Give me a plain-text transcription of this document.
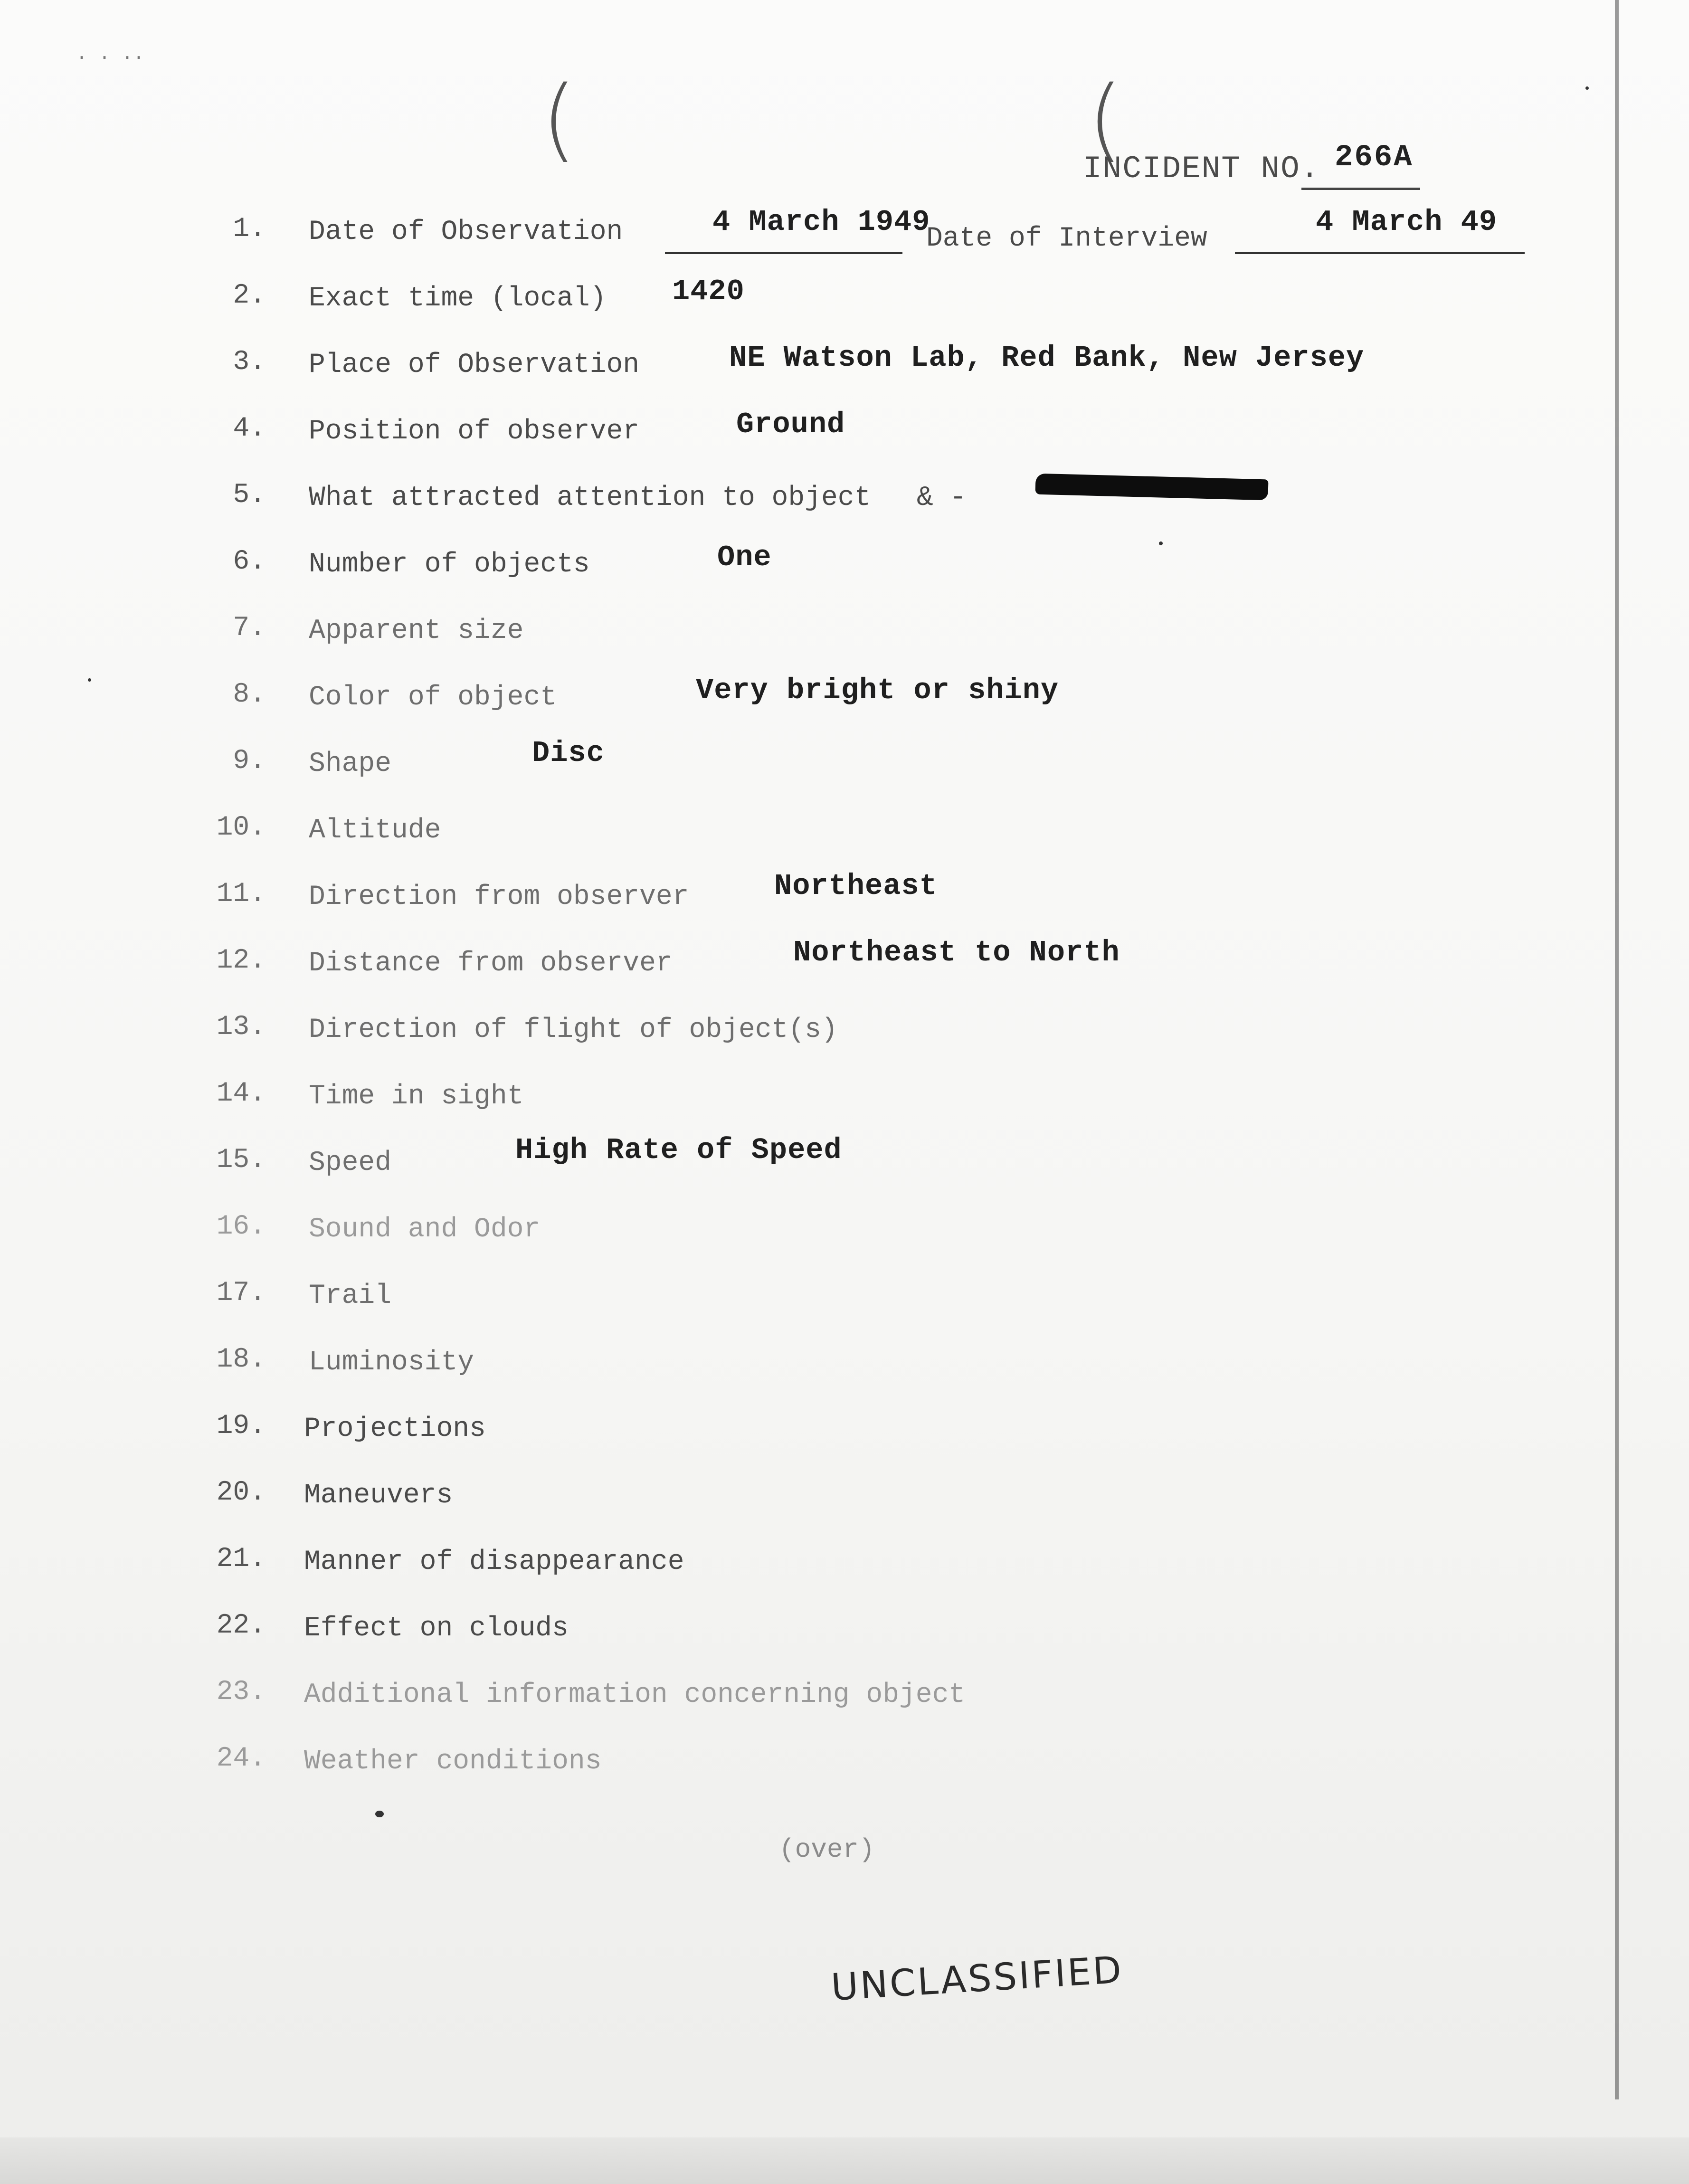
(	(
· · ··
INCIDENT NO. 266A
1. Date of Observation	4 March 1949
Date of Interview	4 March 49
2. Exact time (local) 1420
3. Place of Observation	NE Watson Lab, Red Bank, New Jersey
4. Position of observer	Ground
5. What attracted attention to object & -
6. Number of objects	One
7. Apparent size
8. Color of object	Very bright or shiny
9. Shape	Disc
10. Altitude
11. Direction from observer	Northeast
12. Distance from observer	Northeast to North
13. Direction of flight of object(s)
14. Time in sight
15. Speed	High Rate of Speed
16. Sound and Odor
17. Trail
18. Luminosity
19. Projections
20. Maneuvers
21. Manner of disappearance
22. Effect on clouds
23. Additional information concerning object
24. Weather conditions
(over)
UNCLASSIFIED
